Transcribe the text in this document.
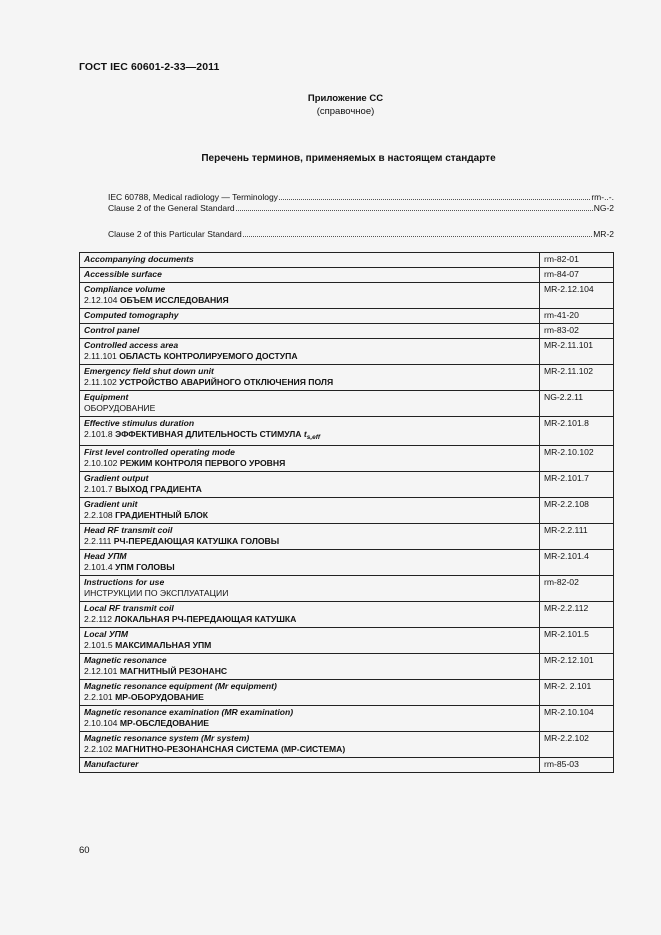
ГОСТ IEC 60601-2-33—2011
Приложение СС
(справочное)
Перечень терминов, применяемых в настоящем стандарте
IEC 60788, Medical radiology — Terminology	rm-..-.
Clause 2 of the General Standard	NG-2
Clause 2 of this Particular Standard	MR-2
Accompanying documents	rm-82-01

Accessible surface	rm-84-07

Compliance volume
2.12.104 ОБЪЕМ ИССЛЕДОВАНИЯ	MR-2.12.104

Computed tomography	rm-41-20

Control panel	rm-83-02

Controlled access area
2.11.101 ОБЛАСТЬ КОНТРОЛИРУЕМОГО ДОСТУПА	MR-2.11.101

Emergency field shut down unit
2.11.102 УСТРОЙСТВО АВАРИЙНОГО ОТКЛЮЧЕНИЯ ПОЛЯ	MR-2.11.102

Equipment
ОБОРУДОВАНИЕ	NG-2.2.11

Effective stimulus duration
2.101.8 ЭФФЕКТИВНАЯ ДЛИТЕЛЬНОСТЬ СТИМУЛА $t_{s,eff}$	MR-2.101.8

First level controlled operating mode
2.10.102 РЕЖИМ КОНТРОЛЯ ПЕРВОГО УРОВНЯ	MR-2.10.102

Gradient output
2.101.7 ВЫХОД ГРАДИЕНТА	MR-2.101.7

Gradient unit
2.2.108 ГРАДИЕНТНЫЙ БЛОК	MR-2.2.108

Head RF transmit coil
2.2.111 РЧ-ПЕРЕДАЮЩАЯ КАТУШКА ГОЛОВЫ	MR-2.2.111

Head УПМ
2.101.4 УПМ ГОЛОВЫ	MR-2.101.4

Instructions for use
ИНСТРУКЦИИ ПО ЭКСПЛУАТАЦИИ	rm-82-02

Local RF transmit coil
2.2.112 ЛОКАЛЬНАЯ РЧ-ПЕРЕДАЮЩАЯ КАТУШКА	MR-2.2.112

Local УПМ
2.101.5 МАКСИМАЛЬНАЯ УПМ	MR-2.101.5

Magnetic resonance
2.12.101 МАГНИТНЫЙ РЕЗОНАНС	MR-2.12.101

Magnetic resonance equipment (Mr equipment)
2.2.101 МР-ОБОРУДОВАНИЕ	MR-2. 2.101

Magnetic resonance examination (MR examination)
2.10.104 МР-ОБСЛЕДОВАНИЕ	MR-2.10.104

Magnetic resonance system (Mr system)
2.2.102 МАГНИТНО-РЕЗОНАНСНАЯ СИСТЕМА (МР-СИСТЕМА)	MR-2.2.102

Manufacturer	rm-85-03
60
